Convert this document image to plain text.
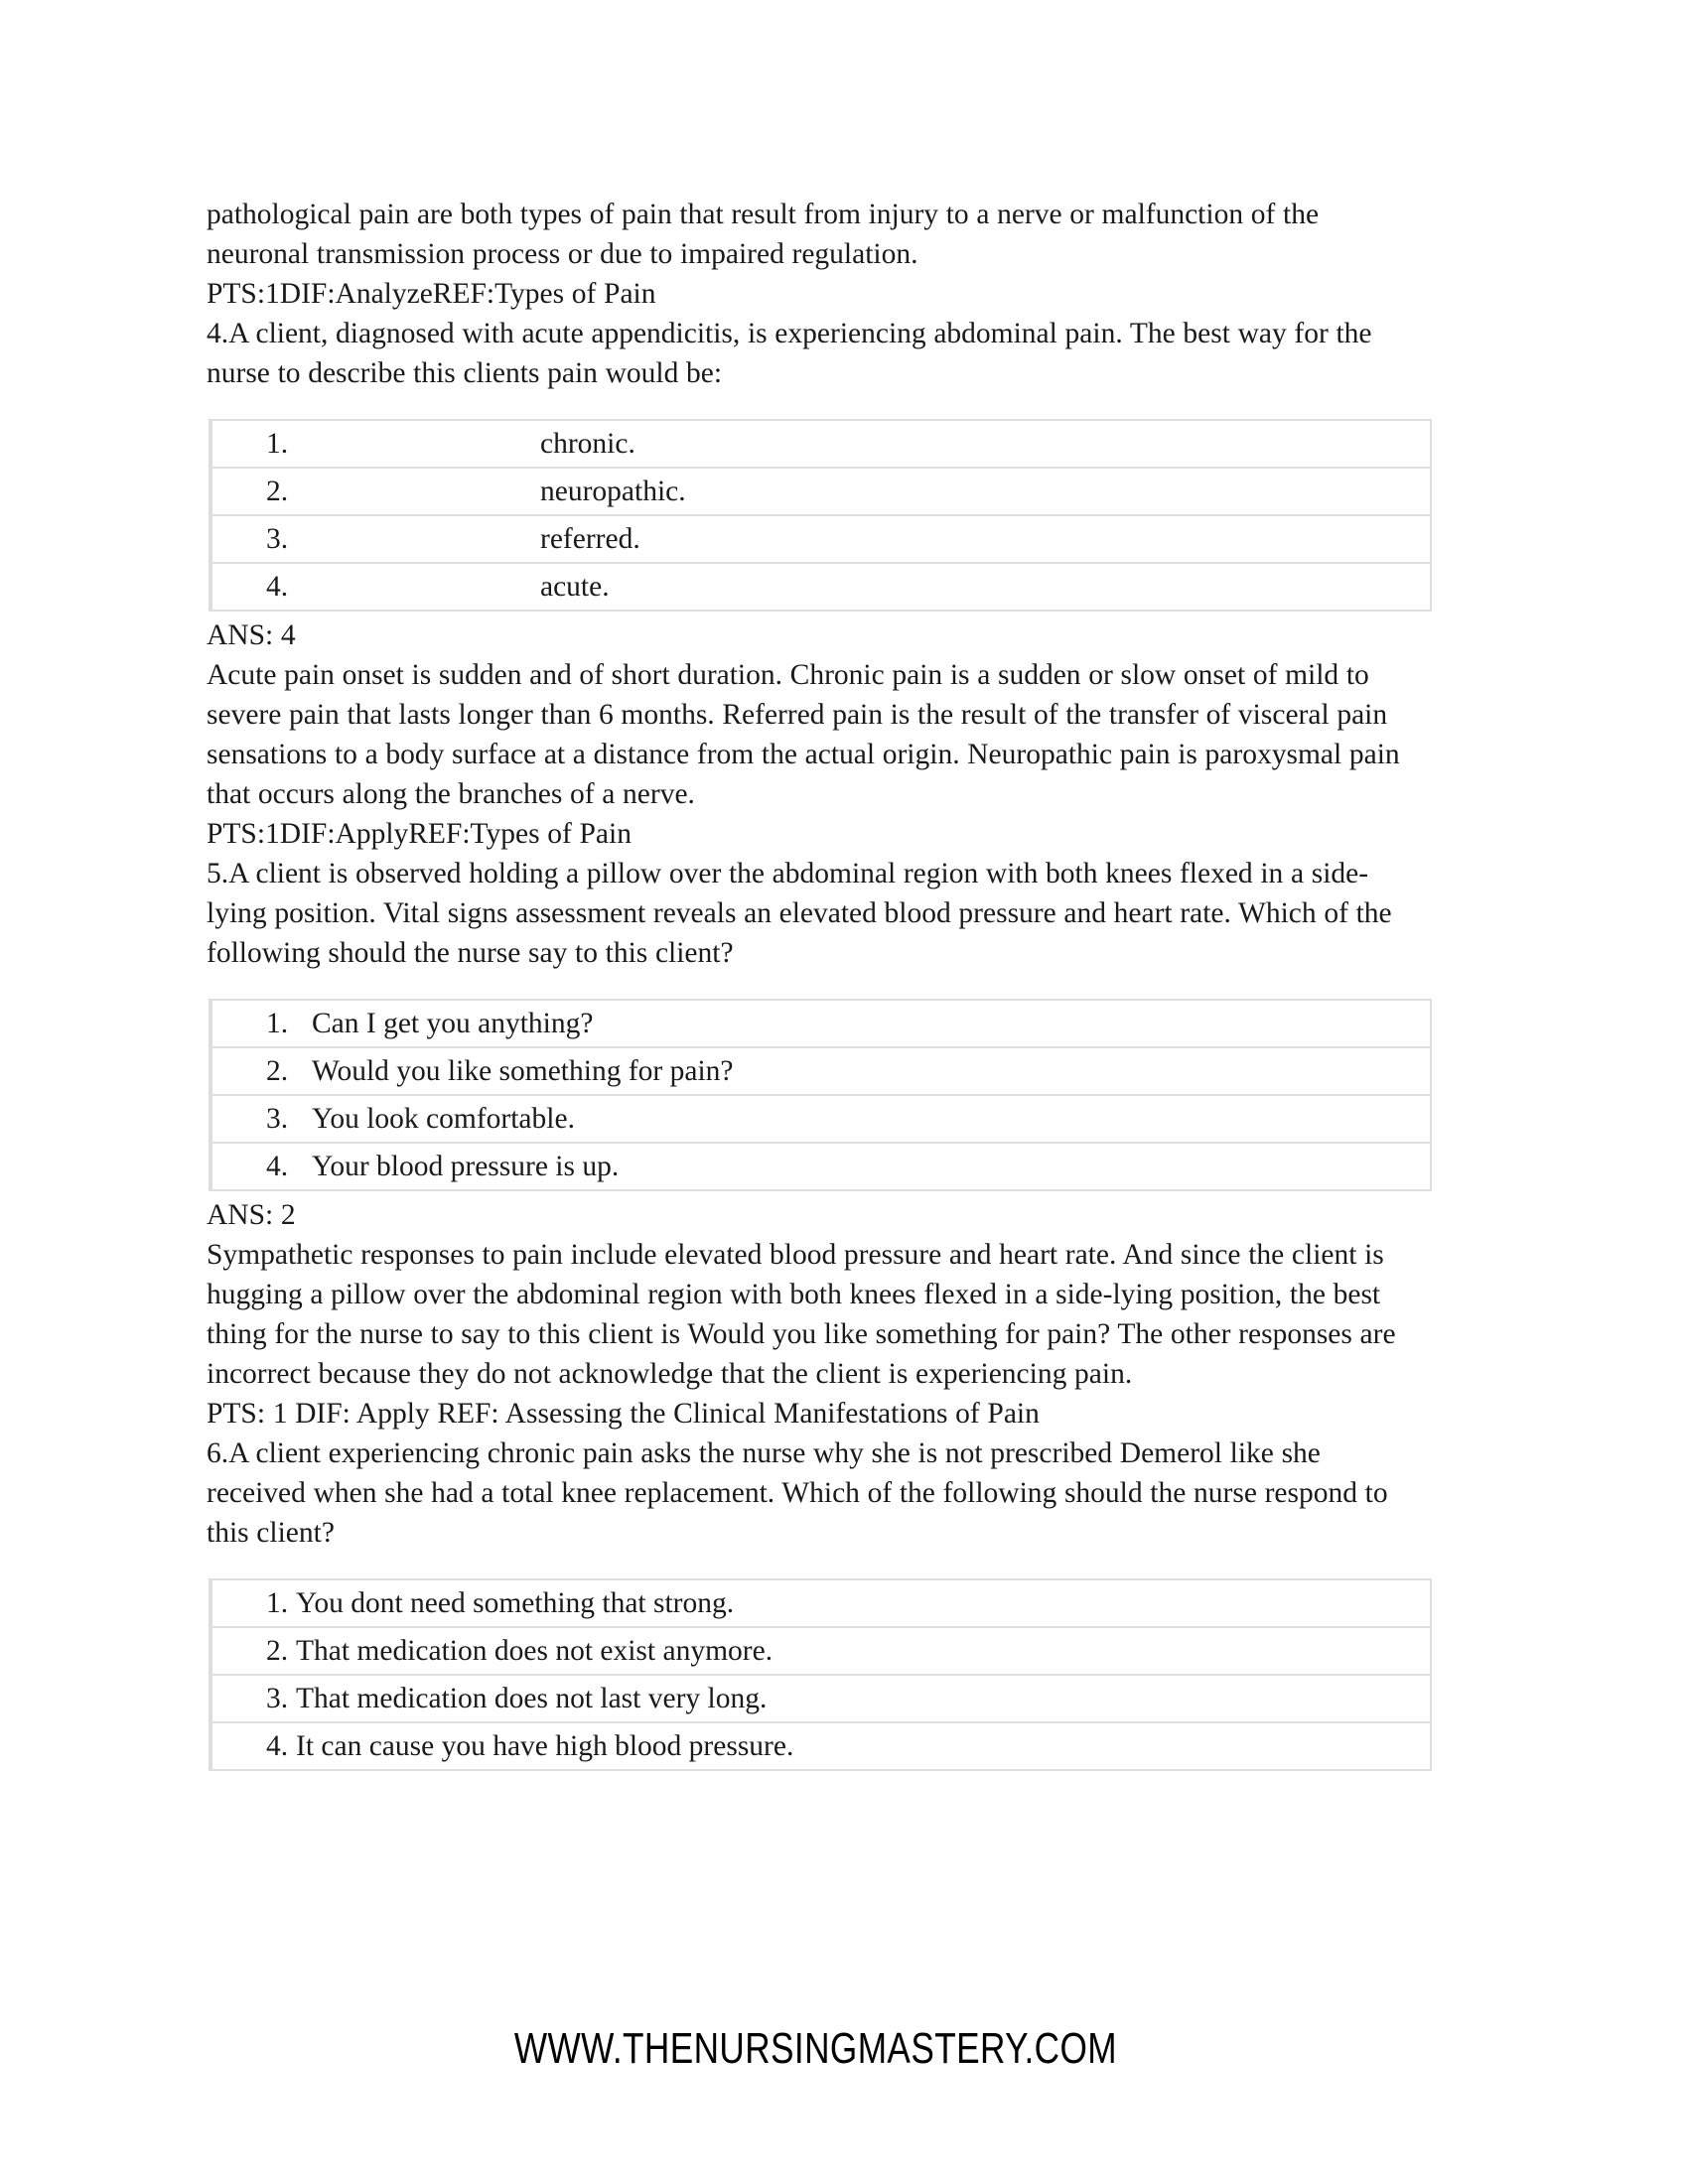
pathological pain are both types of pain that result from injury to a nerve or malfunction of the neuronal transmission process or due to impaired regulation.

PTS:1DIF:AnalyzeREF:Types of Pain

4.A client, diagnosed with acute appendicitis, is experiencing abdominal pain. The best way for the nurse to describe this clients pain would be:

1.	chronic.

2.	neuropathic.

3.	referred.

4.	acute.

ANS: 4

Acute pain onset is sudden and of short duration. Chronic pain is a sudden or slow onset of mild to severe pain that lasts longer than 6 months. Referred pain is the result of the transfer of visceral pain sensations to a body surface at a distance from the actual origin. Neuropathic pain is paroxysmal pain that occurs along the branches of a nerve.

PTS:1DIF:ApplyREF:Types of Pain

5.A client is observed holding a pillow over the abdominal region with both knees flexed in a side-lying position. Vital signs assessment reveals an elevated blood pressure and heart rate. Which of the following should the nurse say to this client?

1.	Can I get you anything?

2.	Would you like something for pain?

3.	You look comfortable.

4.	Your blood pressure is up.

ANS: 2

Sympathetic responses to pain include elevated blood pressure and heart rate. And since the client is hugging a pillow over the abdominal region with both knees flexed in a side-lying position, the best thing for the nurse to say to this client is Would you like something for pain? The other responses are incorrect because they do not acknowledge that the client is experiencing pain.

PTS: 1 DIF: Apply REF: Assessing the Clinical Manifestations of Pain

6.A client experiencing chronic pain asks the nurse why she is not prescribed Demerol like she received when she had a total knee replacement. Which of the following should the nurse respond to this client?

1.	You dont need something that strong.

2.	That medication does not exist anymore.

3.	That medication does not last very long.

4.	It can cause you have high blood pressure.
WWW.THENURSINGMASTERY.COM
